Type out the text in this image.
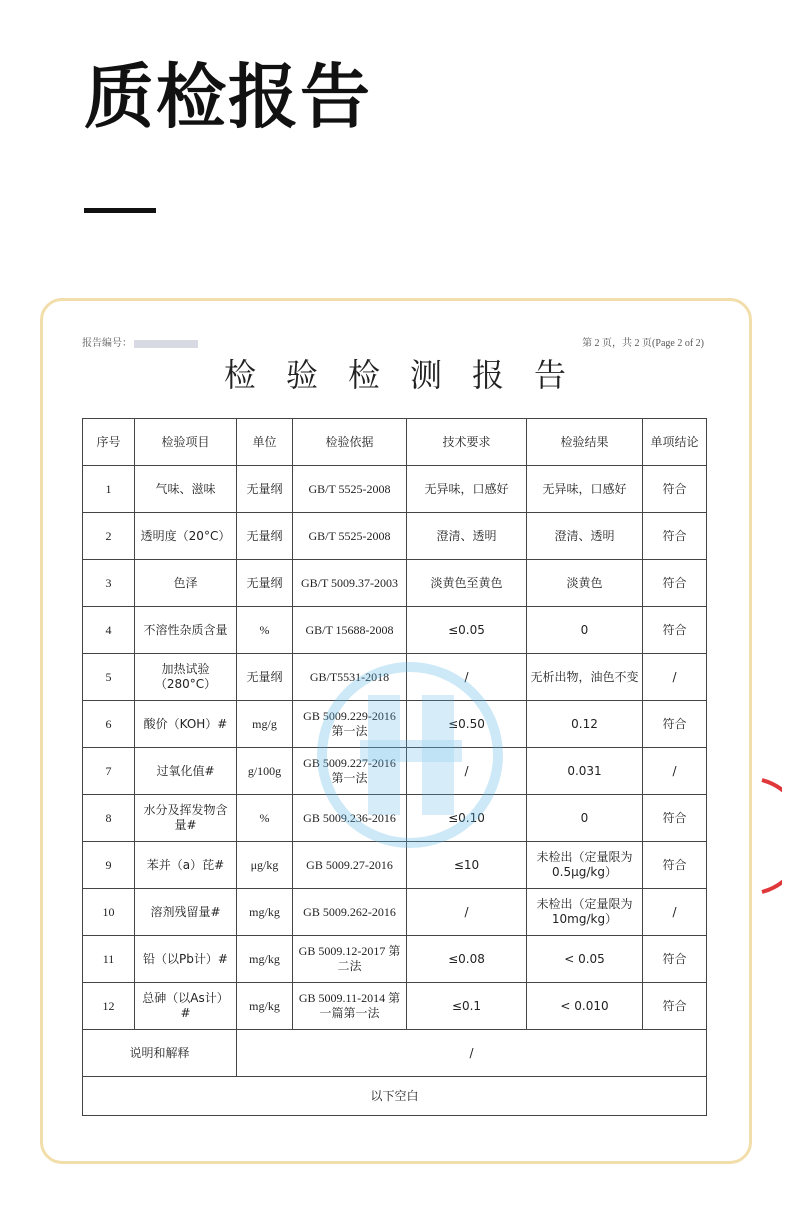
质检报告
报告编号：	第 2 页，共 2 页(Page 2 of 2)
检验检测报告
序号	检验项目	单位	检验依据	技术要求	检验结果	单项结论
1	气味、滋味	无量纲	GB/T 5525-2008	无异味，口感好	无异味，口感好	符合
2	透明度（20°C）	无量纲	GB/T 5525-2008	澄清、透明	澄清、透明	符合
3	色泽	无量纲	GB/T 5009.37-2003	淡黄色至黄色	淡黄色	符合
4	不溶性杂质含量	%	GB/T 15688-2008	≤0.05	0	符合
5	加热试验（280°C）	无量纲	GB/T5531-2018	/	无析出物，油色不变	/
6	酸价（KOH）#	mg/g	GB 5009.229-2016 第一法	≤0.50	0.12	符合
7	过氧化值#	g/100g	GB 5009.227-2016 第一法	/	0.031	/
8	水分及挥发物含量#	%	GB 5009.236-2016	≤0.10	0	符合
9	苯并（a）芘#	μg/kg	GB 5009.27-2016	≤10	未检出（定量限为0.5μg/kg）	符合
10	溶剂残留量#	mg/kg	GB 5009.262-2016	/	未检出（定量限为10mg/kg）	/
11	铅（以Pb计）#	mg/kg	GB 5009.12-2017 第二法	≤0.08	< 0.05	符合
12	总砷（以As计）#	mg/kg	GB 5009.11-2014 第一篇第一法	≤0.1	< 0.010	符合
说明和解释		/				
以下空白						
